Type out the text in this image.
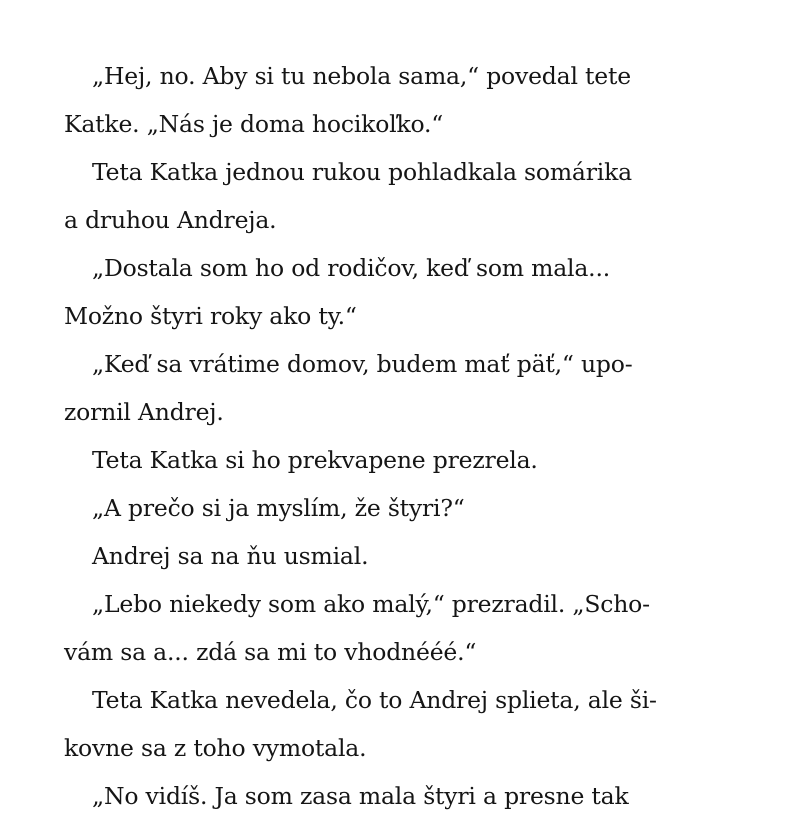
„Hej, no. Aby si tu nebola sama,“ povedal tete
Katke. „Nás je doma hocikoľko.“
Teta Katka jednou rukou pohladkala somárika
a druhou Andreja.
„Dostala som ho od rodičov, keď som mala...
Možno štyri roky ako ty.“
„Keď sa vrátime domov, budem mať päť,“ upo-
zornil Andrej.
Teta Katka si ho prekvapene prezrela.
„A prečo si ja myslím, že štyri?“
Andrej sa na ňu usmial.
„Lebo niekedy som ako malý,“ prezradil. „Scho-
vám sa a... zdá sa mi to vhodnééé.“
Teta Katka nevedela, čo to Andrej splieta, ale ši-
kovne sa z toho vymotala.
„No vidíš. Ja som zasa mala štyri a presne tak
